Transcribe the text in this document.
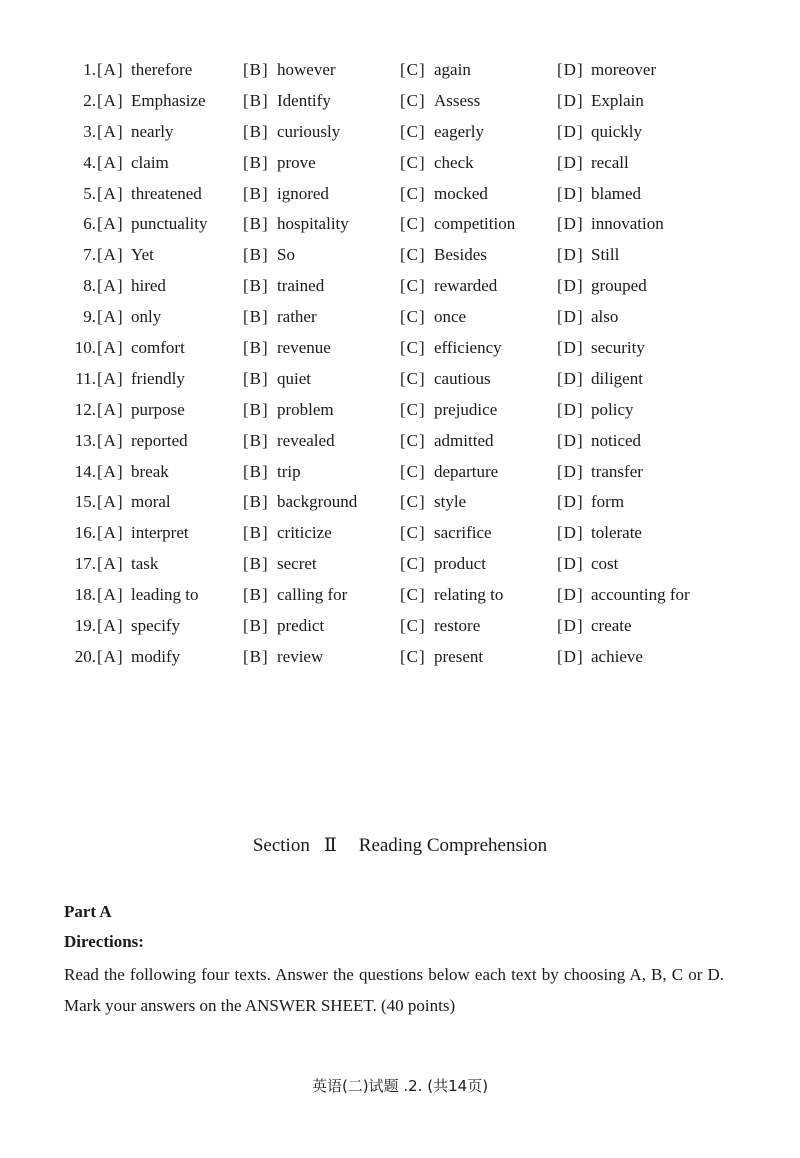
1. [A] therefore	[B] however	[C] again	[D] moreover
2. [A] Emphasize [B] Identify	[C] Assess	[D] Explain
3. [A] nearly	[B] curiously	[C] eagerly	[D] quickly
4. [A] claim	[B] prove	[C] check	[D] recall
5. [A] threatened [B] ignored	[C] mocked	[D] blamed
6. [A] punctuality [B] hospitality	[C] competition [D] innovation
7. [A] Yet	[B] So	[C] Besides	[D] Still
8. [A] hired	[B] trained	[C] rewarded	[D] grouped
9. [A] only	[B] rather	[C] once	[D] also
10. [A] comfort	[B] revenue	[C] efficiency	[D] security
11. [A] friendly	[B] quiet	[C] cautious	[D] diligent
12. [A] purpose	[B] problem	[C] prejudice	[D] policy
13. [A] reported	[B] revealed	[C] admitted	[D] noticed
14. [A] break	[B] trip	[C] departure	[D] transfer
15. [A] moral	[B] background	[C] style	[D] form
16. [A] interpret	[B] criticize	[C] sacrifice	[D] tolerate
17. [A] task	[B] secret	[C] product	[D] cost
18. [A] leading to	[B] calling for	[C] relating to	[D] accounting for
19. [A] specify	[B] predict	[C] restore	[D] create
20. [A] modify	[B] review	[C] present	[D] achieve
Section Ⅱ Reading Comprehension
Part A
Directions:
Read the following four texts. Answer the questions below each text by choosing A, B, C or D. Mark your answers on the ANSWER SHEET. (40 points)
英语(二)试题 .2. (共14页)
